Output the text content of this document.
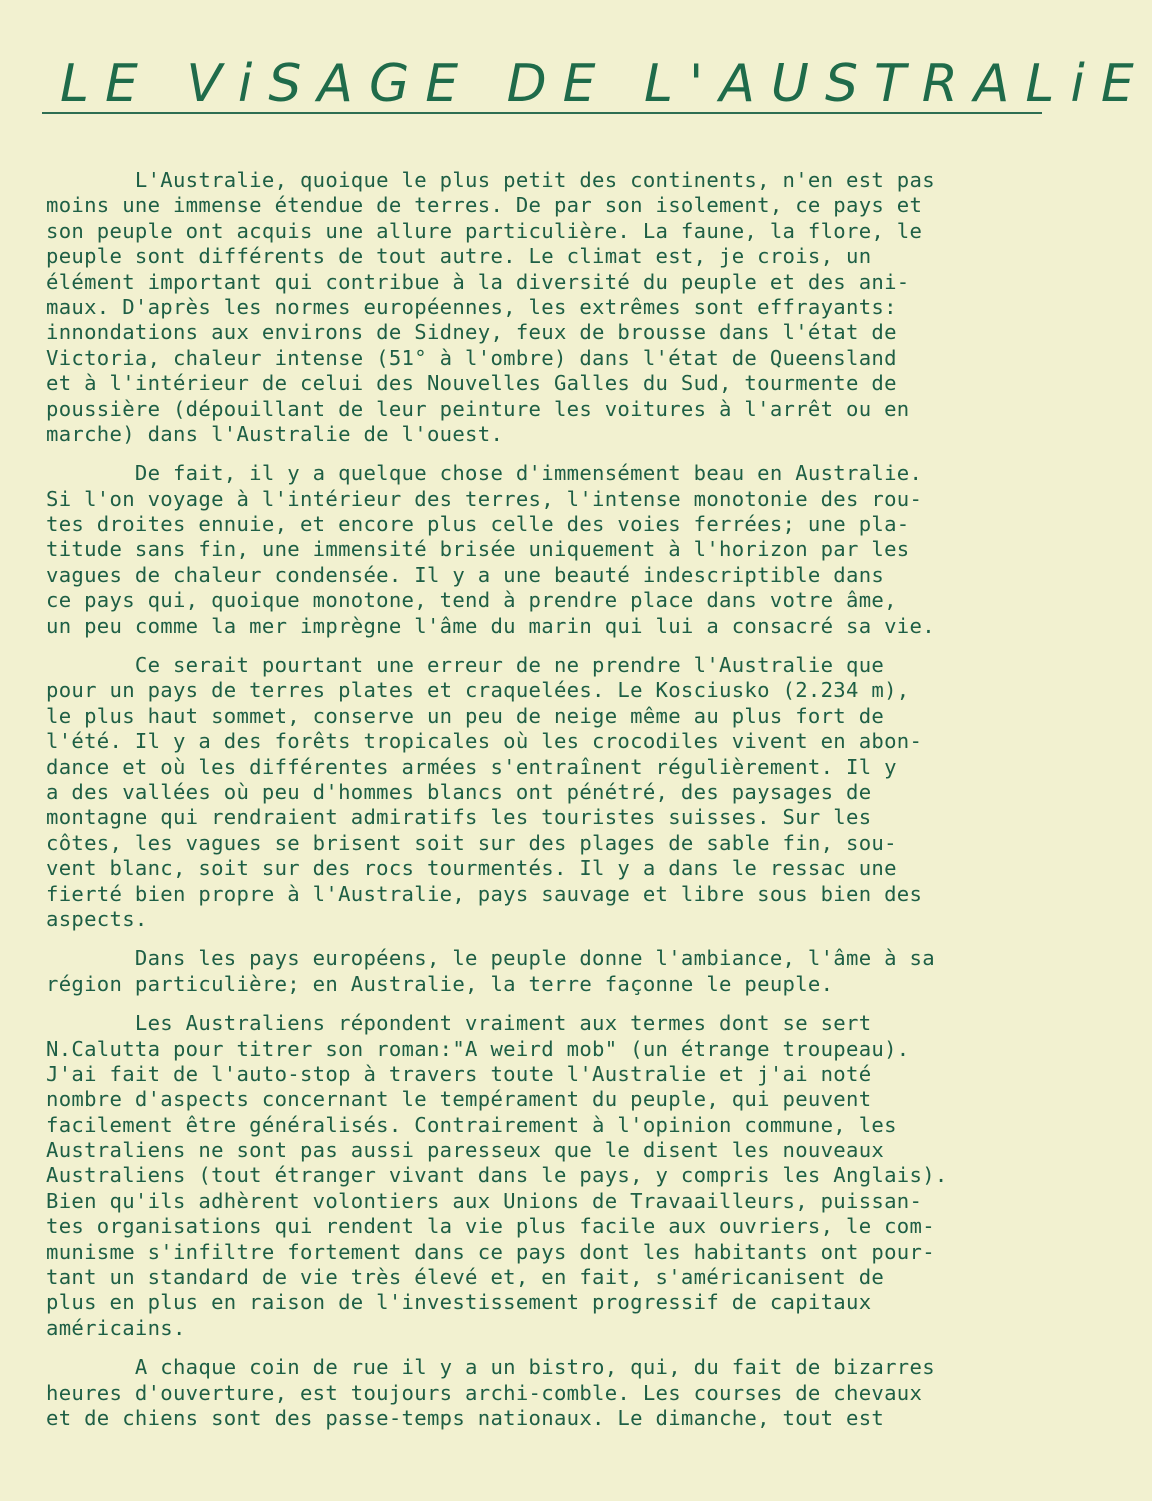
LE ViSAGE DE L'AUSTRALiE
L'Australie, quoique le plus petit des continents, n'en est pas
moins une immense étendue de terres. De par son isolement, ce pays et
son peuple ont acquis une allure particulière. La faune, la flore, le
peuple sont différents de tout autre. Le climat est, je crois, un
élément important qui contribue à la diversité du peuple et des ani-
maux. D'après les normes européennes, les extrêmes sont effrayants:
innondations aux environs de Sidney, feux de brousse dans l'état de
Victoria, chaleur intense (51° à l'ombre) dans l'état de Queensland
et à l'intérieur de celui des Nouvelles Galles du Sud, tourmente de
poussière (dépouillant de leur peinture les voitures à l'arrêt ou en
marche) dans l'Australie de l'ouest.
De fait, il y a quelque chose d'immensément beau en Australie.
Si l'on voyage à l'intérieur des terres, l'intense monotonie des rou-
tes droites ennuie, et encore plus celle des voies ferrées; une pla-
titude sans fin, une immensité brisée uniquement à l'horizon par les
vagues de chaleur condensée. Il y a une beauté indescriptible dans
ce pays qui, quoique monotone, tend à prendre place dans votre âme,
un peu comme la mer imprègne l'âme du marin qui lui a consacré sa vie.
Ce serait pourtant une erreur de ne prendre l'Australie que
pour un pays de terres plates et craquelées. Le Kosciusko (2.234 m),
le plus haut sommet, conserve un peu de neige même au plus fort de
l'été. Il y a des forêts tropicales où les crocodiles vivent en abon-
dance et où les différentes armées s'entraînent régulièrement. Il y
a des vallées où peu d'hommes blancs ont pénétré, des paysages de
montagne qui rendraient admiratifs les touristes suisses. Sur les
côtes, les vagues se brisent soit sur des plages de sable fin, sou-
vent blanc, soit sur des rocs tourmentés. Il y a dans le ressac une
fierté bien propre à l'Australie, pays sauvage et libre sous bien des
aspects.
Dans les pays européens, le peuple donne l'ambiance, l'âme à sa
région particulière; en Australie, la terre façonne le peuple.
Les Australiens répondent vraiment aux termes dont se sert
N.Calutta pour titrer son roman:"A weird mob" (un étrange troupeau).
J'ai fait de l'auto-stop à travers toute l'Australie et j'ai noté
nombre d'aspects concernant le tempérament du peuple, qui peuvent
facilement être généralisés. Contrairement à l'opinion commune, les
Australiens ne sont pas aussi paresseux que le disent les nouveaux
Australiens (tout étranger vivant dans le pays, y compris les Anglais).
Bien qu'ils adhèrent volontiers aux Unions de Travaailleurs, puissan-
tes organisations qui rendent la vie plus facile aux ouvriers, le com-
munisme s'infiltre fortement dans ce pays dont les habitants ont pour-
tant un standard de vie très élevé et, en fait, s'américanisent de
plus en plus en raison de l'investissement progressif de capitaux
américains.
A chaque coin de rue il y a un bistro, qui, du fait de bizarres
heures d'ouverture, est toujours archi-comble. Les courses de chevaux
et de chiens sont des passe-temps nationaux. Le dimanche, tout est
